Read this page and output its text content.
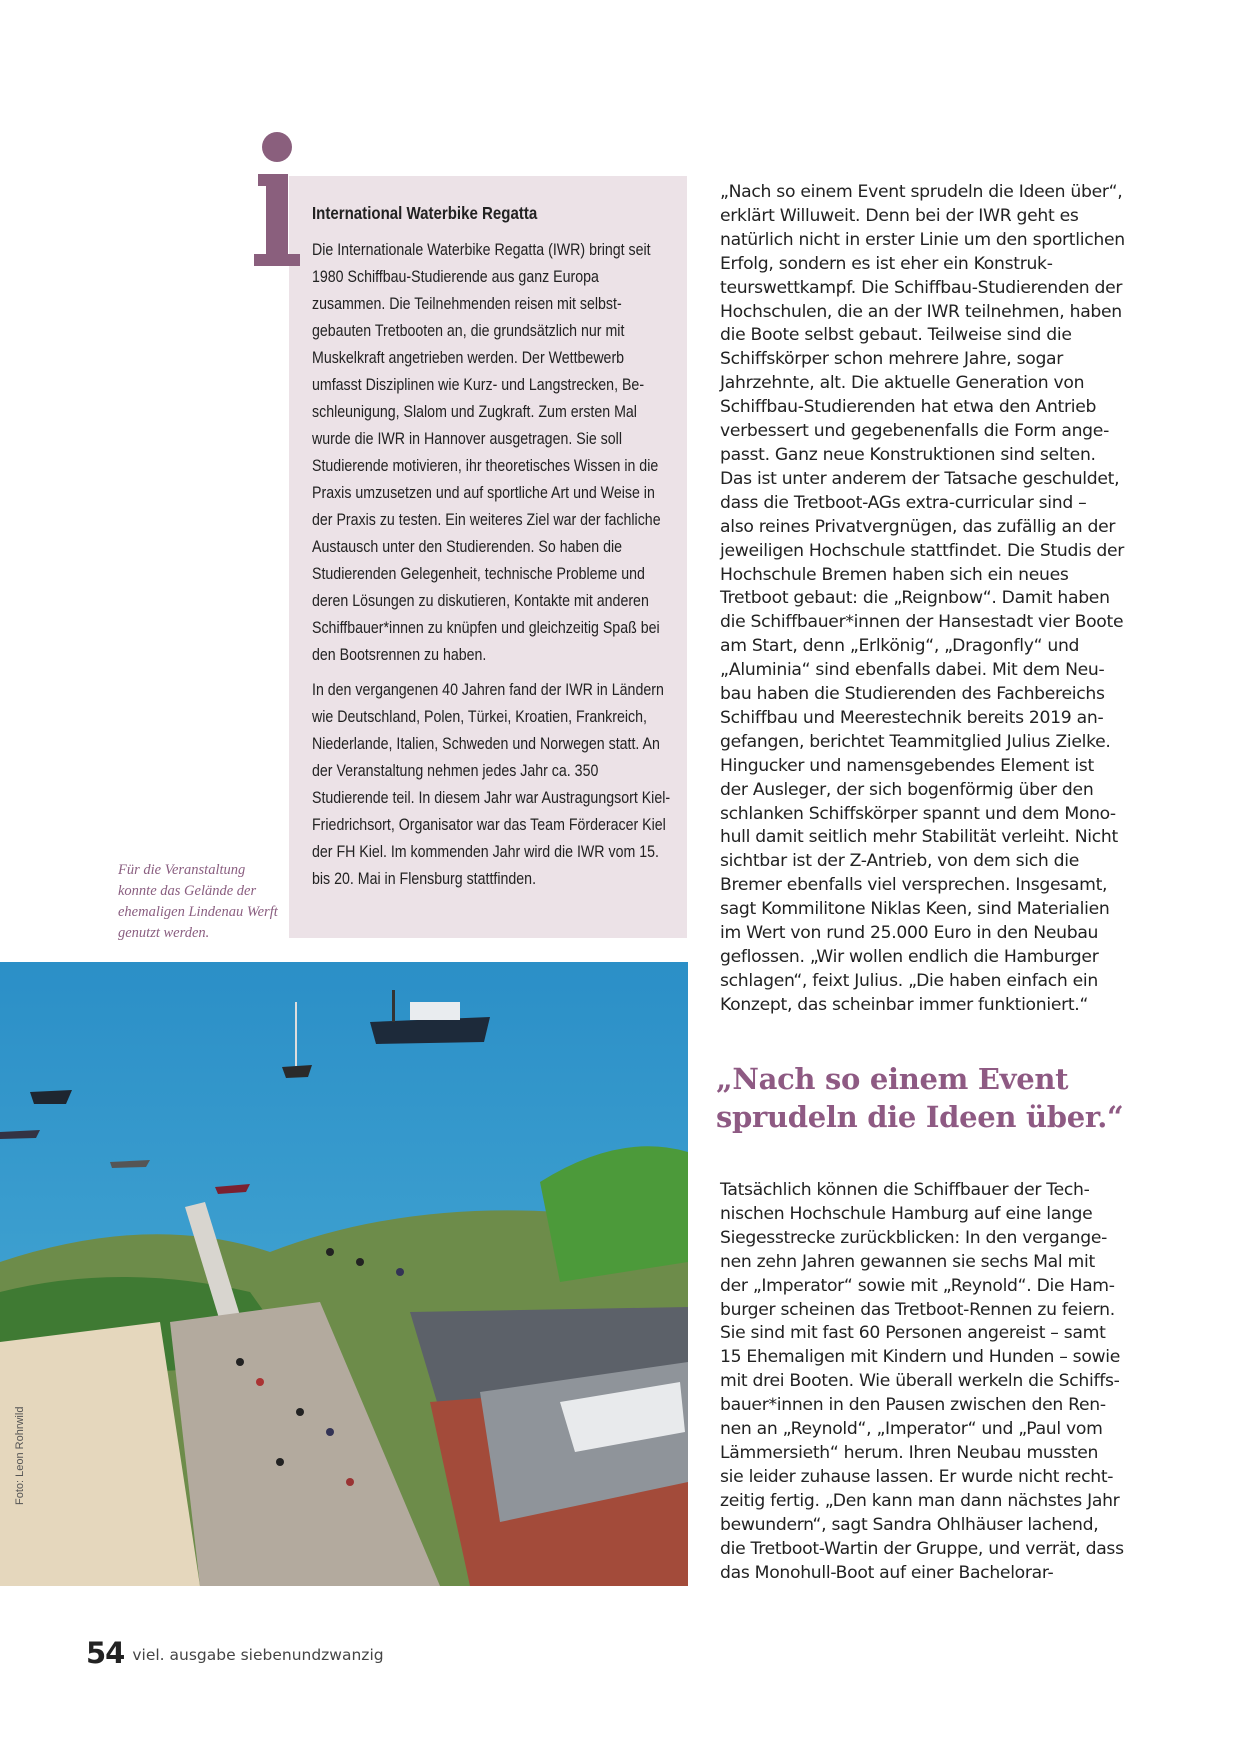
International Waterbike Regatta

Die Internationale Waterbike Regatta (IWR) bringt seit 1980 Schiffbau-Studierende aus ganz Europa zusammen. Die Teilnehmenden reisen mit selbstgebauten Tretbooten an, die grundsätzlich nur mit Muskelkraft angetrieben werden. Der Wettbewerb umfasst Disziplinen wie Kurz- und Langstrecken, Beschleunigung, Slalom und Zugkraft. Zum ersten Mal wurde die IWR in Hannover ausgetragen. Sie soll Studierende motivieren, ihr theoretisches Wissen in die Praxis umzusetzen und auf sportliche Art und Weise in der Praxis zu testen. Ein weiteres Ziel war der fachliche Austausch unter den Studierenden. So haben die Studierenden Gelegenheit, technische Probleme und deren Lösungen zu diskutieren, Kontakte mit anderen Schiffbauer*innen zu knüpfen und gleichzeitig Spaß bei den Bootsrennen zu haben.

In den vergangenen 40 Jahren fand der IWR in Ländern wie Deutschland, Polen, Türkei, Kroatien, Frankreich, Niederlande, Italien, Schweden und Norwegen statt. An der Veranstaltung nehmen jedes Jahr ca. 350 Studierende teil. In diesem Jahr war Austragungsort Kiel-Friedrichsort, Organisator war das Team Förderacer Kiel der FH Kiel. Im kommenden Jahr wird die IWR vom 15. bis 20. Mai in Flensburg stattfinden.

Für die Veranstaltung konnte das Gelände der ehemaligen Lindenau Werft genutzt werden.

„Nach so einem Event sprudeln die Ideen über“, erklärt Willuweit. Denn bei der IWR geht es natürlich nicht in erster Linie um den sportlichen Erfolg, sondern es ist eher ein Konstrukteurswettkampf. Die Schiffbau-Studierenden der Hochschulen, die an der IWR teilnehmen, haben die Boote selbst gebaut. Teilweise sind die Schiffskörper schon mehrere Jahre, sogar Jahrzehnte, alt. Die aktuelle Generation von Schiffbau-Studierenden hat etwa den Antrieb verbessert und gegebenenfalls die Form angepasst. Ganz neue Konstruktionen sind selten. Das ist unter anderem der Tatsache geschuldet, dass die Tretboot-AGs extra-curricular sind – also reines Privatvergnügen, das zufällig an der jeweiligen Hochschule stattfindet. Die Studis der Hochschule Bremen haben sich ein neues Tretboot gebaut: die „Reignbow“. Damit haben die Schiffbauer*innen der Hansestadt vier Boote am Start, denn „Erlkönig“, „Dragonfly“ und „Aluminia“ sind ebenfalls dabei. Mit dem Neubau haben die Studierenden des Fachbereichs Schiffbau und Meerestechnik bereits 2019 angefangen, berichtet Teammitglied Julius Zielke. Hingucker und namensgebendes Element ist der Ausleger, der sich bogenförmig über den schlanken Schiffskörper spannt und dem Monohull damit seitlich mehr Stabilität verleiht. Nicht sichtbar ist der Z-Antrieb, von dem sich die Bremer ebenfalls viel versprechen. Insgesamt, sagt Kommilitone Niklas Keen, sind Materialien im Wert von rund 25.000 Euro in den Neubau geflossen. „Wir wollen endlich die Hamburger schlagen“, feixt Julius. „Die haben einfach ein Konzept, das scheinbar immer funktioniert.“

„Nach so einem Event sprudeln die Ideen über.“

Tatsächlich können die Schiffbauer der Technischen Hochschule Hamburg auf eine lange Siegesstrecke zurückblicken: In den vergangenen zehn Jahren gewannen sie sechs Mal mit der „Imperator“ sowie mit „Reynold“. Die Hamburger scheinen das Tretboot-Rennen zu feiern. Sie sind mit fast 60 Personen angereist – samt 15 Ehemaligen mit Kindern und Hunden – sowie mit drei Booten. Wie überall werkeln die Schiffsbauer*innen in den Pausen zwischen den Rennen an „Reynold“, „Imperator“ und „Paul vom Lämmersieth“ herum. Ihren Neubau mussten sie leider zuhause lassen. Er wurde nicht rechtzeitig fertig. „Den kann man dann nächstes Jahr bewundern“, sagt Sandra Ohlhäuser lachend, die Tretboot-Wartin der Gruppe, und verrät, dass das Monohull-Boot auf einer Bachelorar-

Foto: Leon Rohrwild
54 viel. ausgabe siebenundzwanzig
